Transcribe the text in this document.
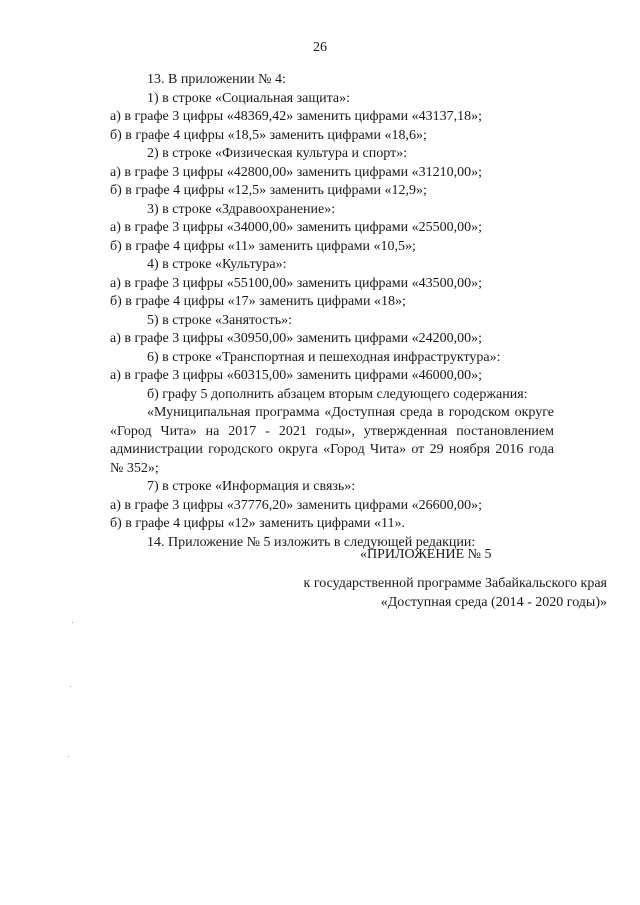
26
13. В приложении № 4:
1) в строке «Социальная защита»:
а) в графе 3 цифры «48369,42» заменить цифрами «43137,18»;
б) в графе 4 цифры «18,5» заменить цифрами «18,6»;
2) в строке «Физическая культура и спорт»:
а) в графе 3 цифры «42800,00» заменить цифрами «31210,00»;
б) в графе 4 цифры «12,5» заменить цифрами «12,9»;
3) в строке «Здравоохранение»:
а) в графе 3 цифры «34000,00» заменить цифрами «25500,00»;
б) в графе 4 цифры «11» заменить цифрами «10,5»;
4) в строке «Культура»:
а) в графе 3 цифры «55100,00» заменить цифрами «43500,00»;
б) в графе 4 цифры «17» заменить цифрами «18»;
5) в строке «Занятость»:
а) в графе 3 цифры «30950,00» заменить цифрами «24200,00»;
6) в строке «Транспортная и пешеходная инфраструктура»:
а) в графе 3 цифры «60315,00» заменить цифрами «46000,00»;
б) графу 5 дополнить абзацем вторым следующего содержания:
«Муниципальная программа «Доступная среда в городском округе «Город Чита» на 2017 - 2021 годы», утвержденная постановлением администрации городского округа «Город Чита» от 29 ноября 2016 года № 352»;
7) в строке «Информация и связь»:
а) в графе 3 цифры «37776,20» заменить цифрами «26600,00»;
б) в графе 4 цифры «12» заменить цифрами «11».
14. Приложение № 5 изложить в следующей редакции:
«ПРИЛОЖЕНИЕ № 5
к государственной программе Забайкальского края
«Доступная среда (2014 - 2020 годы)»
